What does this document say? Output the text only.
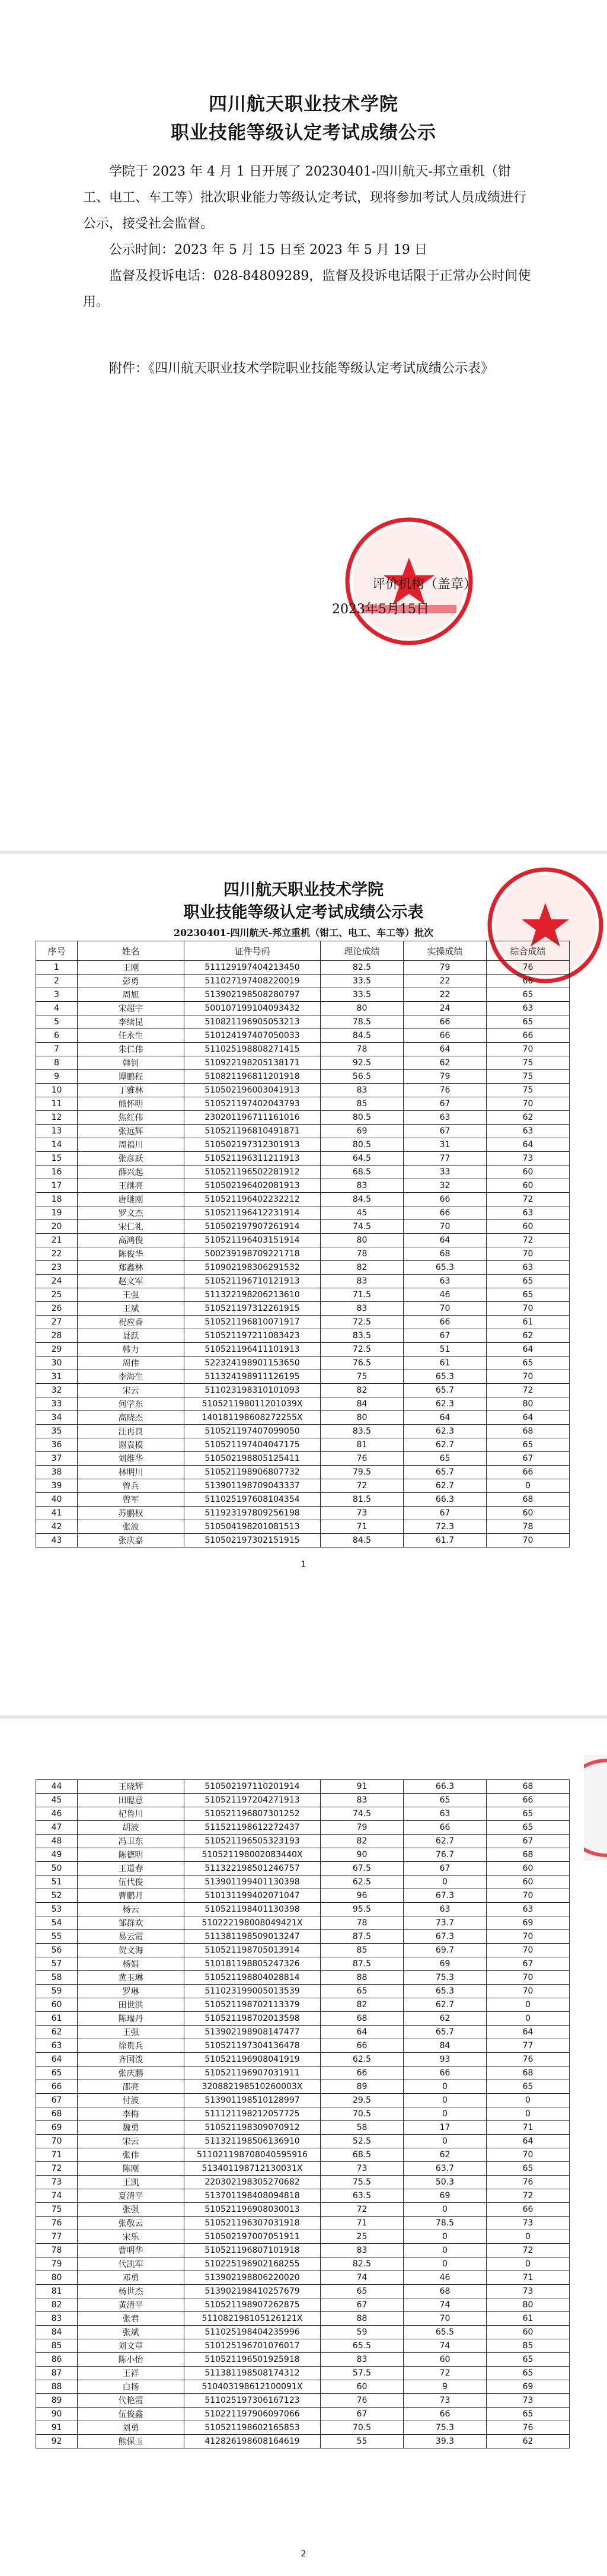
四川航天职业技术学院
职业技能等级认定考试成绩公示

学院于 2023 年 4 月 1 日开展了 20230401-四川航天-邦立重机（钳工、电工、车工等）批次职业能力等级认定考试，现将参加考试人员成绩进行公示，接受社会监督。

公示时间：2023 年 5 月 15 日至 2023 年 5 月 19 日

监督及投诉电话：028-84809289，监督及投诉电话限于正常办公时间使用。

附件：《四川航天职业技术学院职业技能等级认定考试成绩公示表》

评价机构（盖章）
2023年5月15日
四川航天职业技术学院
职业技能等级认定考试成绩公示表
20230401-四川航天-邦立重机（钳工、电工、车工等）批次
序号	姓名	证件号码	理论成绩	实操成绩	综合成绩
1	王刚	511129197404213450	82.5	79	76
2	彭勇	511027197408220019	33.5	22	66
3	周旭	513902198508280797	33.5	22	65
4	宋超宇	500107199104093432	80	24	63
5	李续昆	510821196905053213	78.5	66	65
6	任永生	510124197407050033	84.5	66	66
7	朱仁伟	511025198808271415	78	64	70
8	韩钊	510922198205138171	92.5	62	75
9	谭鹏程	510821196811201918	56.5	79	75
10	丁雅林	510502196003041913	83	76	75
11	熊怀明	510521197402043793	85	67	70
12	焦红伟	230201196711161016	80.5	63	62
13	张远辉	510521196810491871	69	67	63
14	周福川	510502197312301913	80.5	31	64
15	张彦跃	510521196311211913	64.5	77	73
16	薛兴起	510521196502281912	68.5	33	60
17	王继亮	510502196402081913	83	32	60
18	唐继刚	510521196402232212	84.5	66	72
19	罗文杰	510521196412231914	45	66	63
20	宋仁礼	510502197907261914	74.5	70	60
21	高鸿俊	510521196403151914	80	64	72
22	陈俊华	500239198709221718	78	68	70
23	郑鑫林	510902198306291532	82	65.3	63
24	赵文军	510521196710121913	83	63	65
25	王强	511322198206213610	71.5	46	65
26	王斌	510521197312261915	83	70	70
27	祝应香	510521196810071917	72.5	66	61
28	聂跃	510521197211083423	83.5	67	62
29	韩力	510521196411101913	72.5	51	64
30	周伟	522324198901153650	76.5	61	65
31	李海生	511324198911126195	75	65.3	70
32	宋云	511023198310101093	82	65.7	72
33	何学东	510521198011201039X	84	62.3	80
34	高晓杰	140181198608272255X	80	64	64
35	汪再良	510521197407099050	83.5	62.3	68
36	谢袁模	510521197404047175	81	62.7	65
37	刘维华	510502198805125411	76	65	67
38	林明川	510521198906807732	79.5	65.7	66
39	曾兵	513901198709043337	72	62.7	0
40	曾军	511025197608104354	81.5	66.3	68
41	苏鹏权	511923197809256198	73	67	60
42	张波	510504198201081513	71	72.3	78
43	张庆嘉	510502197302151915	84.5	61.7	70
1
44	王晓辉	510502197110201914	91	66.3	68
45	田聪意	510521197204271913	83	65	66
46	杞鲁川	510521196807301252	74.5	63	65
47	胡波	511521198612272437	79	66	65
48	冯卫东	510521196505323193	82	62.7	67
49	陈德明	510521198002083440X	90	76.7	68
50	王道春	511322198501246757	67.5	67	60
51	伍代俊	513901199401130398	62.5	0	60
52	曹鹏月	510131199402071047	96	67.3	70
53	杨云	510521198401130398	95.5	63	63
54	邹群欢	510222198008049421X	78	73.7	69
55	易云霞	511381198509013247	87.5	67.3	70
56	贺文海	510521198705013914	85	69.7	70
57	杨娟	510181198805247326	87.5	69	67
58	黄玉琳	510521198804028814	88	75.3	70
59	罗琳	511023199005013539	65	65.3	70
60	田世洪	510521198702113379	82	62.7	0
61	陈瑞丹	510521198702013598	68	62	0
62	王强	513902198908147477	64	65.7	64
63	徐贵兵	510521197304136478	66	84	77
64	齐国泼	510521196908041919	62.5	93	76
65	张庆鹏	510521196907031911	66	66	68
66	邵亮	320882198510260003X	89	0	65
67	付波	513901198510128997	29.5	0	0
68	李梅	511121198212057725	70.5	0	0
69	魏勇	510521198309070912	58	17	71
70	宋云	511321198506136910	52.5	0	64
71	张伟	511021198708040595916	68.5	62	70
72	陈刚	513401198712130031X	73	63.7	65
73	王凯	220302198305270682	75.5	50.3	76
74	夏清平	513701198408094818	63.5	69	72
75	张强	510521196908030013	72	0	66
76	张敬云	510521196307031918	71	78.5	73
77	宋乐	510502197007051911	25	0	0
78	曹明华	510521196807101918	83	0	72
79	代凯军	510225196902168255	82.5	0	0
80	邓勇	513902198806220020	74	46	71
81	杨世杰	513902198410257679	65	68	73
82	黄清平	510521198907262875	67	74	80
83	张君	511082198105126121X	88	70	61
84	张斌	511025198404235996	59	65.5	60
85	刘文章	510125196701076017	65.5	74	85
86	陈小怡	510521196501925918	83	60	65
87	王祥	511381198508174312	57.5	72	65
88	白扬	510403198612100091X	60	9	69
89	代艳霞	511025197306167123	76	73	73
90	伍俊鑫	510221197906097066	67	66	65
91	刘勇	510521198602165853	70.5	75.3	76
92	熊保玉	412826198608164619	55	39.3	62
2
